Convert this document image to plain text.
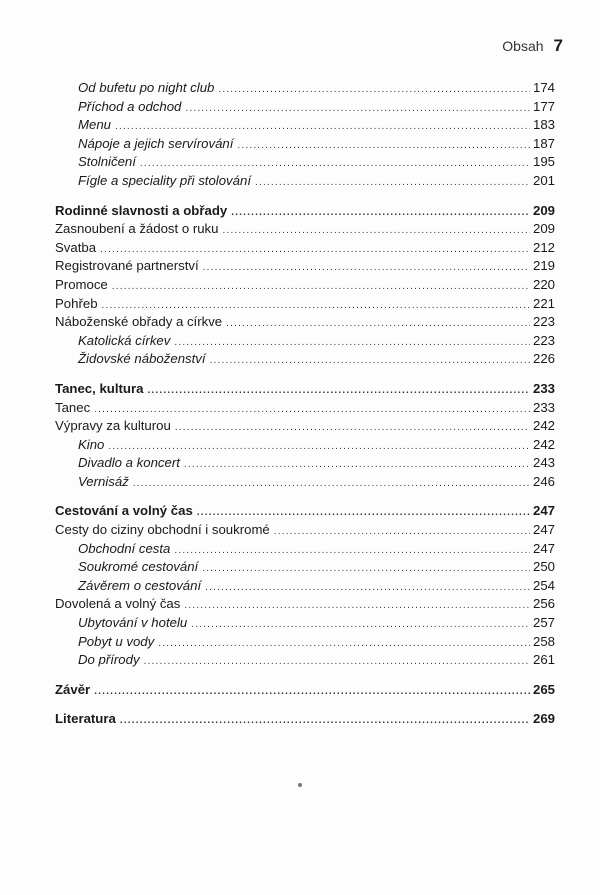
Obsah 7
Od bufetu po night club .....	174
Příchod a odchod .....	177
Menu .....	183
Nápoje a jejich servírování .....	187
Stolničení .....	195
Fígle a speciality při stolování .....	201
Rodinné slavnosti a obřady .....	209
Zasnoubení a žádost o ruku .....	209
Svatba .....	212
Registrované partnerství .....	219
Promoce .....	220
Pohřeb .....	221
Náboženské obřady a církve .....	223
Katolická církev .....	223
Židovské náboženství .....	226
Tanec, kultura .....	233
Tanec .....	233
Výpravy za kulturou .....	242
Kino .....	242
Divadlo a koncert .....	243
Vernisáž .....	246
Cestování a volný čas .....	247
Cesty do ciziny obchodní i soukromé .....	247
Obchodní cesta .....	247
Soukromé cestování .....	250
Závěrem o cestování .....	254
Dovolená a volný čas .....	256
Ubytování v hotelu .....	257
Pobyt u vody .....	258
Do přírody .....	261
Závěr .....	265
Literatura .....	269
